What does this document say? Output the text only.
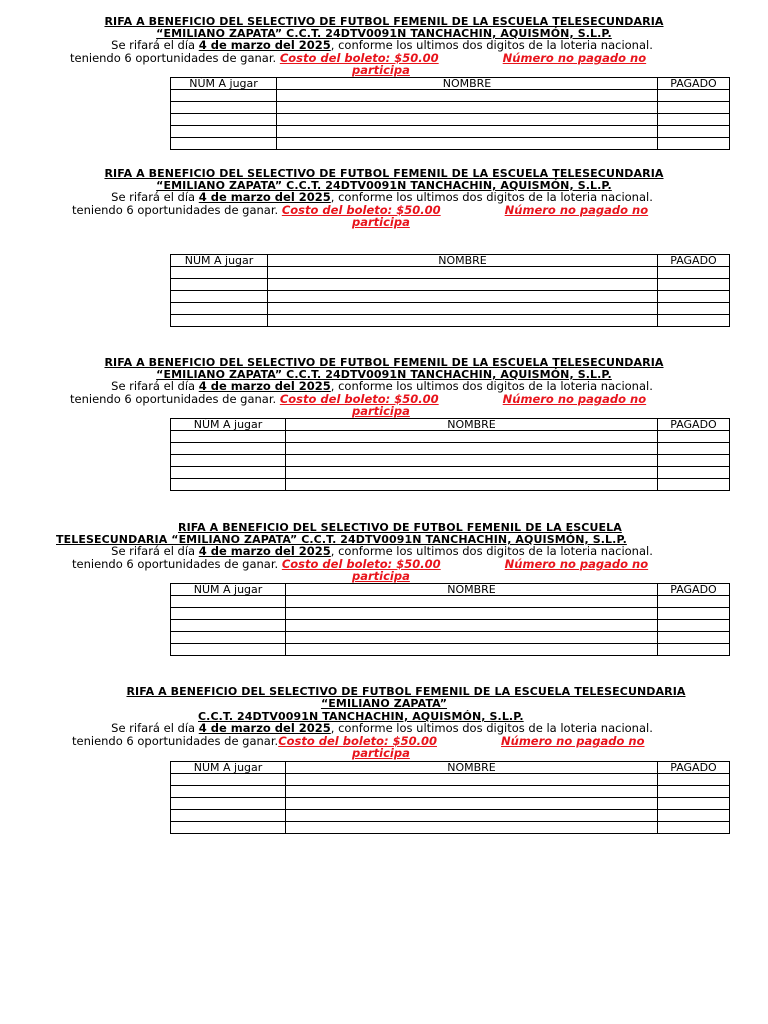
RIFA A BENEFICIO DEL SELECTIVO DE FUTBOL FEMENIL DE LA ESCUELA TELESECUNDARIA
“EMILIANO ZAPATA” C.C.T. 24DTV0091N TANCHACHIN, AQUISMÓN, S.L.P.
Se rifará el día 4 de marzo del 2025, conforme los ultimos dos digitos de la loteria nacional.
teniendo 6 oportunidades de ganar. Costo del boleto: $50.00	Número no pagado no
participa
NÚM A jugar	NOMBRE	PAGADO

RIFA A BENEFICIO DEL SELECTIVO DE FUTBOL FEMENIL DE LA ESCUELA TELESECUNDARIA
“EMILIANO ZAPATA” C.C.T. 24DTV0091N TANCHACHIN, AQUISMÓN, S.L.P.
Se rifará el día 4 de marzo del 2025, conforme los ultimos dos digitos de la loteria nacional.
teniendo 6 oportunidades de ganar. Costo del boleto: $50.00	Número no pagado no
participa
NÚM A jugar	NOMBRE	PAGADO

RIFA A BENEFICIO DEL SELECTIVO DE FUTBOL FEMENIL DE LA ESCUELA TELESECUNDARIA
“EMILIANO ZAPATA” C.C.T. 24DTV0091N TANCHACHIN, AQUISMÓN, S.L.P.
Se rifará el día 4 de marzo del 2025, conforme los ultimos dos digitos de la loteria nacional.
teniendo 6 oportunidades de ganar. Costo del boleto: $50.00	Número no pagado no
participa
NÚM A jugar	NOMBRE	PAGADO

RIFA A BENEFICIO DEL SELECTIVO DE FUTBOL FEMENIL DE LA ESCUELA
TELESECUNDARIA “EMILIANO ZAPATA” C.C.T. 24DTV0091N TANCHACHIN, AQUISMÓN, S.L.P.
Se rifará el día 4 de marzo del 2025, conforme los ultimos dos digitos de la loteria nacional.
teniendo 6 oportunidades de ganar. Costo del boleto: $50.00	Número no pagado no
participa
NÚM A jugar	NOMBRE	PAGADO

RIFA A BENEFICIO DEL SELECTIVO DE FUTBOL FEMENIL DE LA ESCUELA TELESECUNDARIA
“EMILIANO ZAPATA”
C.C.T. 24DTV0091N TANCHACHIN, AQUISMÓN, S.L.P.
Se rifará el día 4 de marzo del 2025, conforme los ultimos dos digitos de la loteria nacional.
teniendo 6 oportunidades de ganar.Costo del boleto: $50.00	Número no pagado no
participa
NÚM A jugar	NOMBRE	PAGADO
